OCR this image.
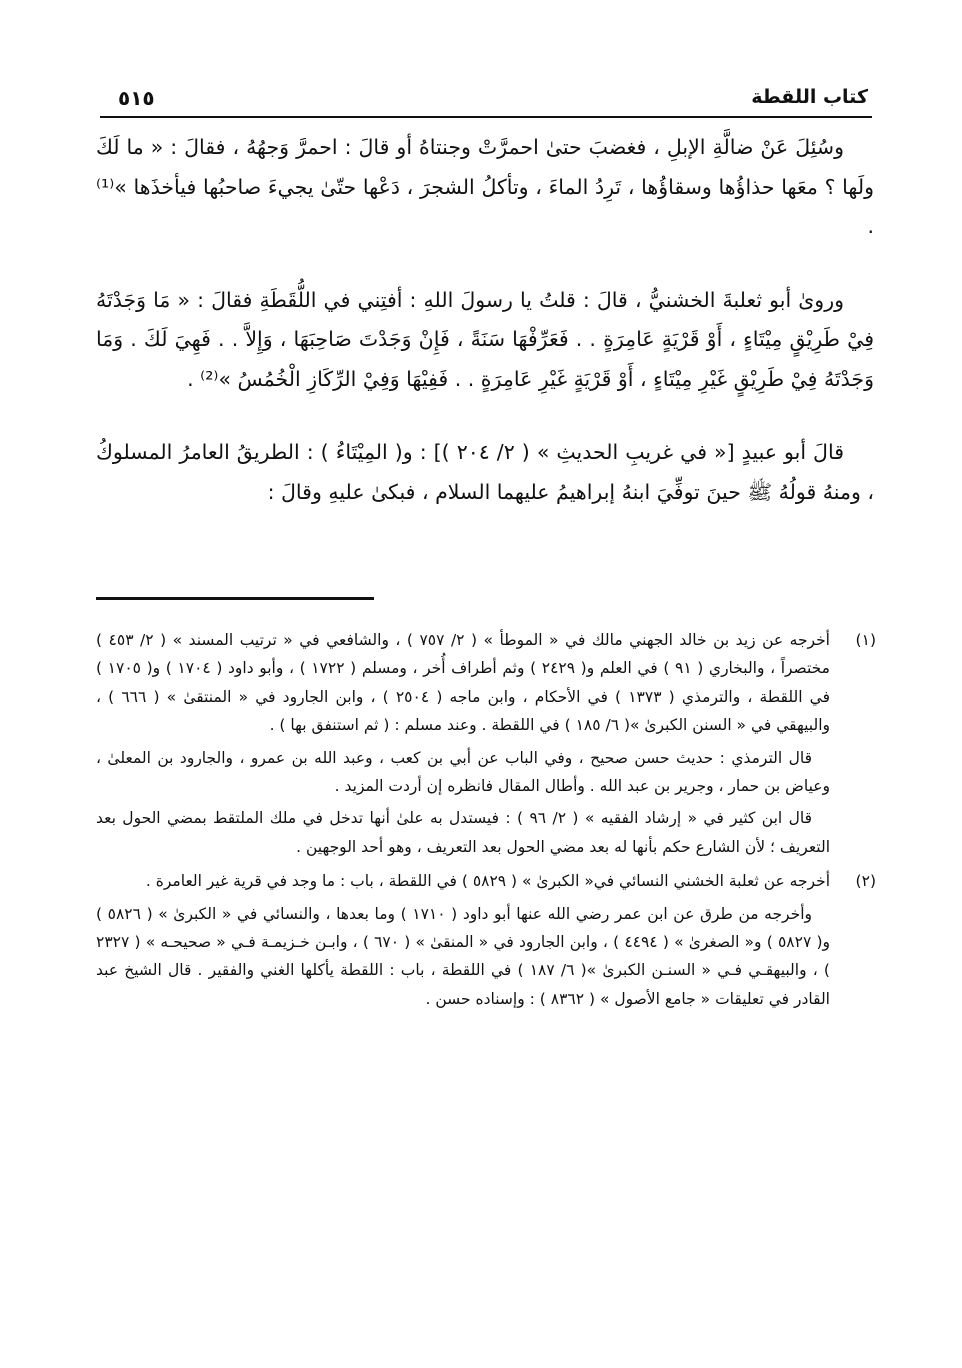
٥١٥	كتاب اللقطة

وسُئِلَ عَنْ ضالَّةِ الإبلِ ، فغضبَ حتىٰ احمرَّتْ وجنتاهُ أو قالَ : احمرَّ وَجهُهُ ، فقالَ : « ما لَكَ ولَها ؟ معَها حذاؤُها وسقاؤُها ، تَرِدُ الماءَ ، وتأكلُ الشجرَ ، دَعْها حتّىٰ يجيءَ صاحبُها فيأخذَها »⁽¹⁾ .

وروىٰ أبو ثعلبةَ الخشنيُّ ، قالَ : قلتُ يا رسولَ اللهِ : أفتِني في اللُّقَطَةِ فقالَ : « مَا وَجَدْتَهُ فِيْ طَرِيْقٍ مِيْتَاءٍ ، أَوْ قَرْيَةٍ عَامِرَةٍ . . فَعَرِّفْهَا سَنَةً ، فَإِنْ وَجَدْتَ صَاحِبَهَا ، وَإِلاَّ . . فَهِيَ لَكَ . وَمَا وَجَدْتَهُ فِيْ طَرِيْقٍ غَيْرِ مِيْتَاءٍ ، أَوْ قَرْيَةٍ غَيْرِ عَامِرَةٍ . . فَفِيْهَا وَفِيْ الرِّكَازِ الْخُمُسُ »⁽²⁾ .

قالَ أبو عبيدٍ [« في غريبِ الحديثِ » ( ٢/ ٢٠٤ )] : و( المِيْتَاءُ ) : الطريقُ العامرُ المسلوكُ ، ومنهُ قولُهُ ﷺ حينَ توفِّيَ ابنهُ إبراهيمُ عليهما السلام ، فبكىٰ عليهِ وقالَ :

(١)

أخرجه عن زيد بن خالد الجهني مالك في « الموطأ » ( ٢/ ٧٥٧ ) ، والشافعي في « ترتيب المسند » ( ٢/ ٤٥٣ ) مختصراً ، والبخاري ( ٩١ ) في العلم و( ٢٤٢٩ ) وثم أطراف أُخر ، ومسلم ( ١٧٢٢ ) ، وأبو داود ( ١٧٠٤ ) و( ١٧٠٥ ) في اللقطة ، والترمذي ( ١٣٧٣ ) في الأحكام ، وابن ماجه ( ٢٥٠٤ ) ، وابن الجارود في « المنتقىٰ » ( ٦٦٦ ) ، والبيهقي في « السنن الكبرىٰ »( ٦/ ١٨٥ ) في اللقطة . وعند مسلم : ( ثم استنفق بها ) .

قال الترمذي : حديث حسن صحيح ، وفي الباب عن أبي بن كعب ، وعبد الله بن عمرو ، والجارود بن المعلىٰ ، وعياض بن حمار ، وجرير بن عبد الله . وأطال المقال فانظره إن أردت المزيد .

قال ابن كثير في « إرشاد الفقيه » ( ٢/ ٩٦ ) : فيستدل به علىٰ أنها تدخل في ملك الملتقط بمضي الحول بعد التعريف ؛ لأن الشارع حكم بأنها له بعد مضي الحول بعد التعريف ، وهو أحد الوجهين .

(٢)

أخرجه عن ثعلبة الخشني النسائي في« الكبرىٰ » ( ٥٨٢٩ ) في اللقطة ، باب : ما وجد في قرية غير العامرة .

وأخرجه من طرق عن ابن عمر رضي الله عنها أبو داود ( ١٧١٠ ) وما بعدها ، والنسائي في « الكبرىٰ » ( ٥٨٢٦ ) و( ٥٨٢٧ ) و« الصغرىٰ » ( ٤٤٩٤ ) ، وابن الجارود في « المنقىٰ » ( ٦٧٠ ) ، وابـن خـزيمـة فـي « صحيحـه » ( ٢٣٢٧ ) ، والبيهقـي فـي « السنـن الكبرىٰ »( ٦/ ١٨٧ ) في اللقطة ، باب : اللقطة يأكلها الغني والفقير . قال الشيخ عبد القادر في تعليقات « جامع الأصول » ( ٨٣٦٢ ) : وإسناده حسن .
